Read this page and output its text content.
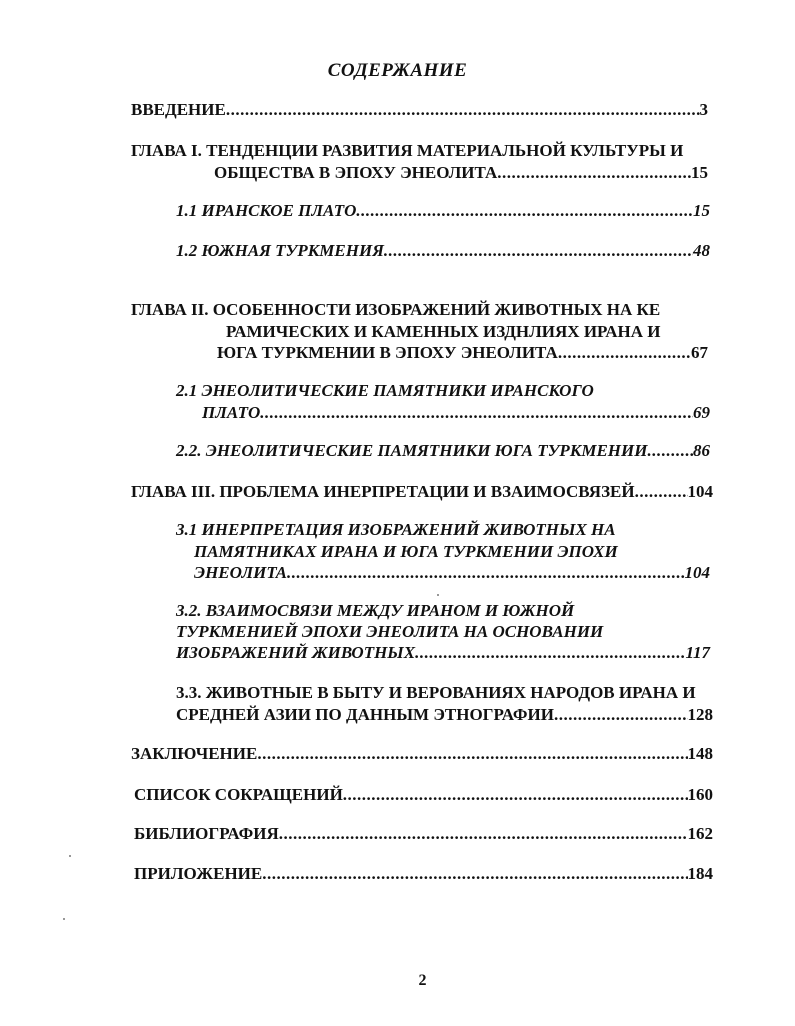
СОДЕРЖАНИЕ
ВВЕДЕНИЕ .....	3
ГЛАВА I. ТЕНДЕНЦИИ РАЗВИТИЯ МАТЕРИАЛЬНОЙ КУЛЬТУРЫ И
ОБЩЕСТВА В ЭПОХУ ЭНЕОЛИТА .....	15
1.1 ИРАНСКОЕ ПЛАТО .....	15
1.2 ЮЖНАЯ ТУРКМЕНИЯ .....	48
ГЛАВА II. ОСОБЕННОСТИ ИЗОБРАЖЕНИЙ ЖИВОТНЫХ НА КЕ
РАМИЧЕСКИХ И КАМЕННЫХ ИЗДНЛИЯХ ИРАНА И
ЮГА ТУРКМЕНИИ В ЭПОХУ ЭНЕОЛИТА .....	67
2.1 ЭНЕОЛИТИЧЕСКИЕ ПАМЯТНИКИ ИРАНСКОГО
ПЛАТО .....	69
2.2. ЭНЕОЛИТИЧЕСКИЕ ПАМЯТНИКИ ЮГА ТУРКМЕНИИ .....	86
ГЛАВА III. ПРОБЛЕМА ИНЕРПРЕТАЦИИ И ВЗАИМОСВЯЗЕЙ .....	104
3.1 ИНЕРПРЕТАЦИЯ ИЗОБРАЖЕНИЙ ЖИВОТНЫХ НА
ПАМЯТНИКАХ ИРАНА И ЮГА ТУРКМЕНИИ ЭПОХИ
ЭНЕОЛИТА .....	104
3.2. ВЗАИМОСВЯЗИ МЕЖДУ ИРАНОМ И ЮЖНОЙ
ТУРКМЕНИЕЙ ЭПОХИ ЭНЕОЛИТА НА ОСНОВАНИИ
ИЗОБРАЖЕНИЙ ЖИВОТНЫХ .....	117
3.3. ЖИВОТНЫЕ В БЫТУ И ВЕРОВАНИЯХ НАРОДОВ ИРАНА И
СРЕДНЕЙ АЗИИ ПО ДАННЫМ ЭТНОГРАФИИ .....	128
ЗАКЛЮЧЕНИЕ .....	148
СПИСОК СОКРАЩЕНИЙ .....	160
БИБЛИОГРАФИЯ .....	162
ПРИЛОЖЕНИЕ .....	184
2
